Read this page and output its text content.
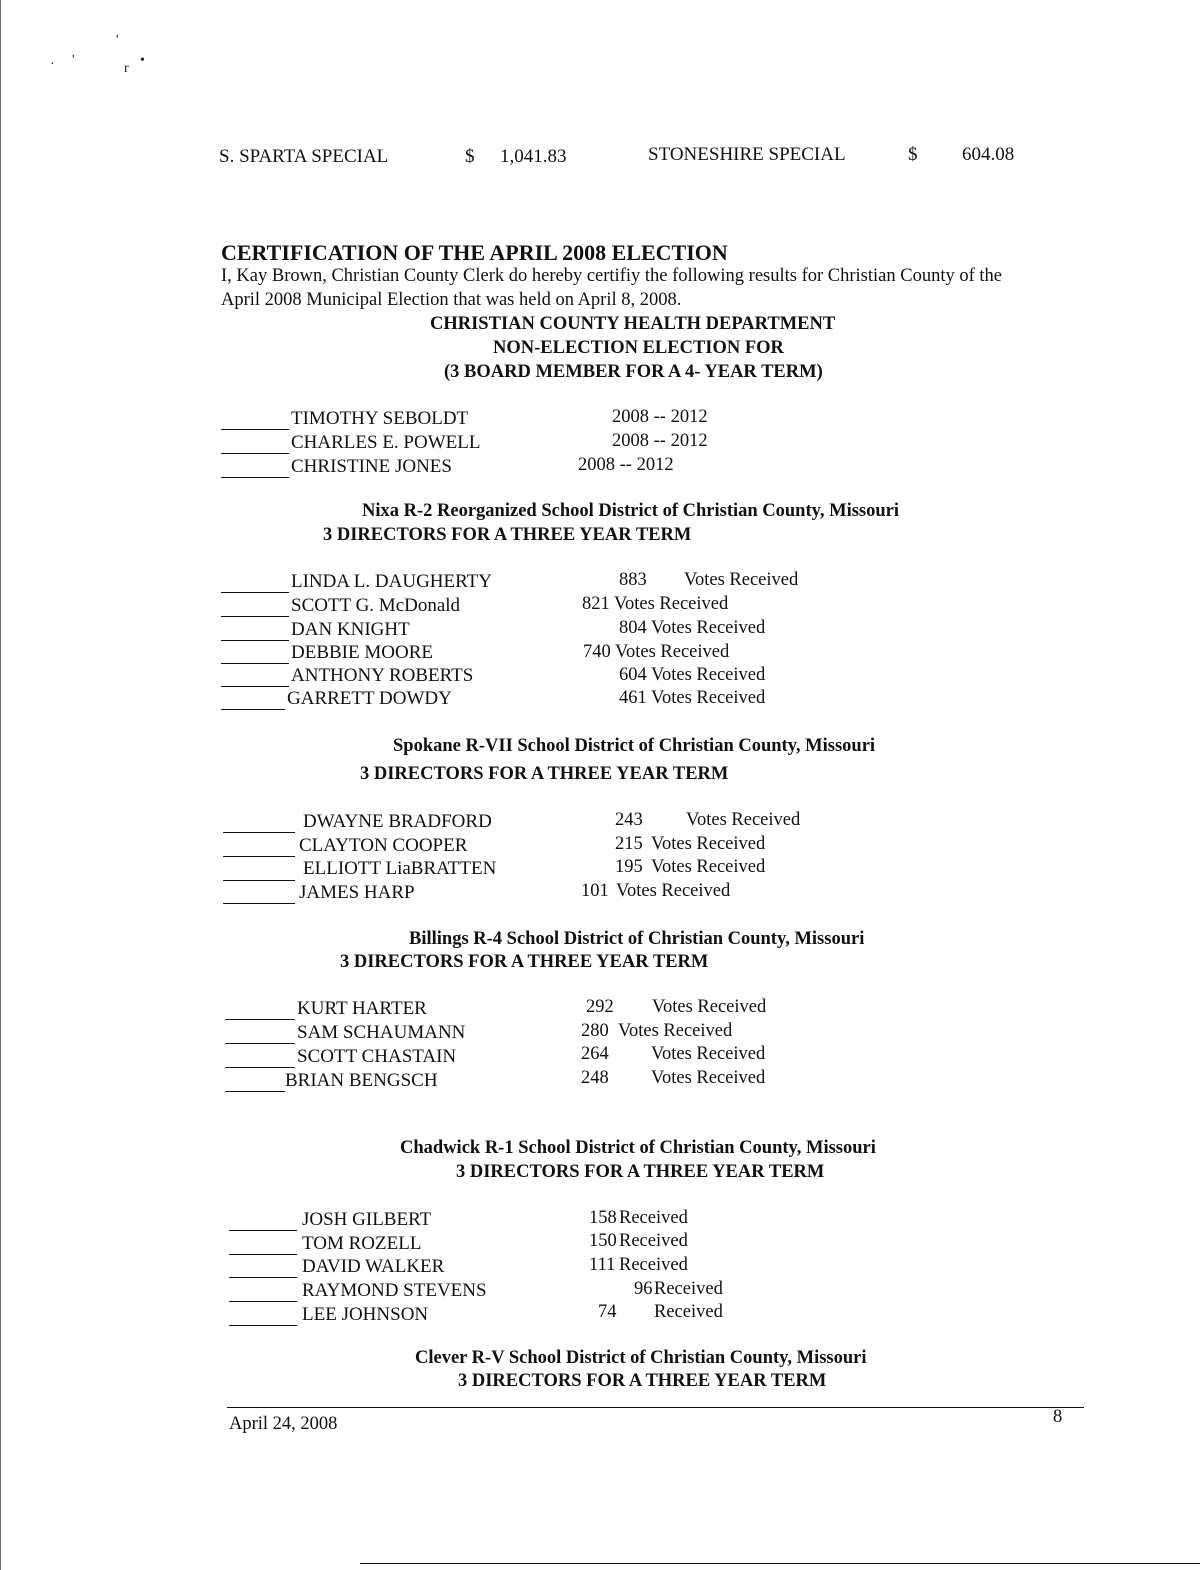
'
· '
r
•
S. SPARTA SPECIAL	$ 1,041.83	STONESHIRE SPECIAL	$ 604.08
CERTIFICATION OF THE APRIL 2008 ELECTION
I, Kay Brown, Christian County Clerk do hereby certifiy the following results for Christian County of the
April 2008 Municipal Election that was held on April 8, 2008.
CHRISTIAN COUNTY HEALTH DEPARTMENT
NON-ELECTION ELECTION FOR
(3 BOARD MEMBER FOR A 4- YEAR TERM)
TIMOTHY SEBOLDT	2008 -- 2012
CHARLES E. POWELL	2008 -- 2012
CHRISTINE JONES	2008 -- 2012
Nixa R-2 Reorganized School District of Christian County, Missouri
3 DIRECTORS FOR A THREE YEAR TERM
LINDA L. DAUGHERTY	883 Votes Received
SCOTT G. McDonald	821 Votes Received
DAN KNIGHT	804 Votes Received
DEBBIE MOORE	740 Votes Received
ANTHONY ROBERTS	604 Votes Received
GARRETT DOWDY	461 Votes Received
Spokane R-VII School District of Christian County, Missouri
3 DIRECTORS FOR A THREE YEAR TERM
DWAYNE BRADFORD	243 Votes Received
CLAYTON COOPER	215 Votes Received
ELLIOTT LiaBRATTEN	195 Votes Received
JAMES HARP	101 Votes Received
Billings R-4 School District of Christian County, Missouri
3 DIRECTORS FOR A THREE YEAR TERM
KURT HARTER	292 Votes Received
SAM SCHAUMANN	280 Votes Received
SCOTT CHASTAIN	264 Votes Received
BRIAN BENGSCH	248 Votes Received
Chadwick R-1 School District of Christian County, Missouri
3 DIRECTORS FOR A THREE YEAR TERM
JOSH GILBERT	158 Received
TOM ROZELL	150 Received
DAVID WALKER	111 Received
RAYMOND STEVENS	96 Received
LEE JOHNSON	74 Received
Clever R-V School District of Christian County, Missouri
3 DIRECTORS FOR A THREE YEAR TERM
April 24, 2008	8
